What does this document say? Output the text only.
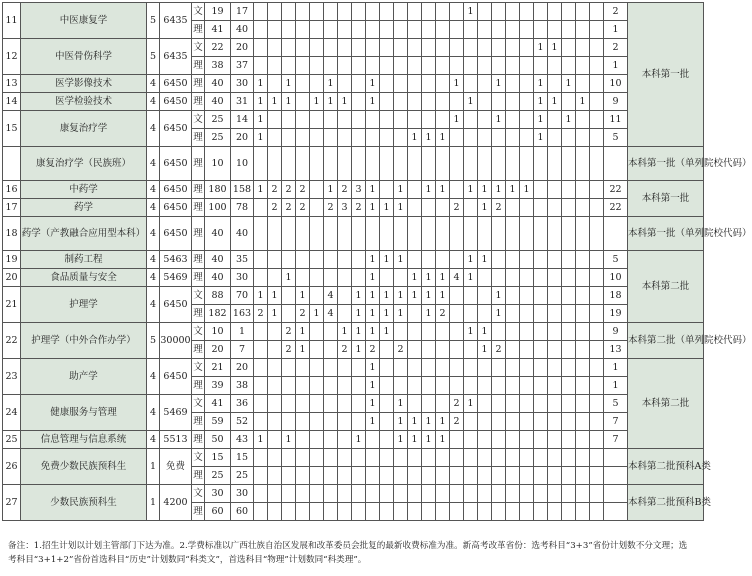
11	中医康复学	5	6435	文	19	17																1										2	本科第一批
				理	41	40																										1	
12	中医骨伤科学	5	6435	文	22	20																					1	1				2	
				理	38	37																										1	
13	医学影像技术	4	6450	理	40	30	1		1			1			1						1			1			1		1			10	
14	医学检验技术	4	6450	理	40	31	1	1	1		1	1	1		1							1					1	1		1		9	
15	康复治疗学	4	6450	文	25	14	1														1			1			1		1			11	
				理	25	20	1											1	1	1							1					5	
	康复治疗学（民族班）	4	6450	理	10	10																											本科第一批（单列院校代码）
16	中药学	4	6450	理	180	158	1	2	2	2		1	2	3	1		1		1	1		1	1	1	1	1						22	本科第一批
17	药学	4	6450	理	100	78		2	2	2		2	3	2	1	1	1				2		1	2								22	
18	药学（产教融合应用型本科）	4	6450	理	40	40																											本科第一批（单列院校代码）
19	制药工程	4	5463	理	40	35									1	1	1					1	1									5	本科第二批
20	食品质量与安全	4	5469	理	40	30			1						1			1	1	1	4	1										10	
21	护理学	4	6450	文	88	70	1	1		1		4		1	1	1	1	1	1	1				1								18	
				理	182	163	2	1		2	1	4		1	1	1	1		1	2				1								19	
22	护理学（中外合作办学）	5	30000	文	10	1			2	1			1	1	1	1						1	1									9	本科第二批（单列院校代码）
				理	20	7			2	1			2	1	2		2						1	2								13	
23	助产学	4	6450	文	21	20									1																	1	本科第二批
				理	39	38									1																	1	
24	健康服务与管理	4	5469	文	41	36									1		1				2	1										5	
				理	59	52									1		1	1	1	1	2											7	
25	信息管理与信息系统	4	5513	理	50	43	1		1					1			1	1	1	1												7	
26	免费少数民族预科生	1	免费	文	15	15																											本科第二批预科A类
				理	25	25																											
27	少数民族预科生	1	4200	文	30	30																											本科第二批预科B类
				理	60	60																											
备注：1.招生计划以计划主管部门下达为准。2.学费标准以广西壮族自治区发展和改革委员会批复的最新收费标准为准。新高考改革省份：选考科目“3+3”省份计划数不分文理；选
考科目“3+1+2”省份首选科目“历史”计划数同“科类文”，首选科目“物理”计划数同“科类理”。
